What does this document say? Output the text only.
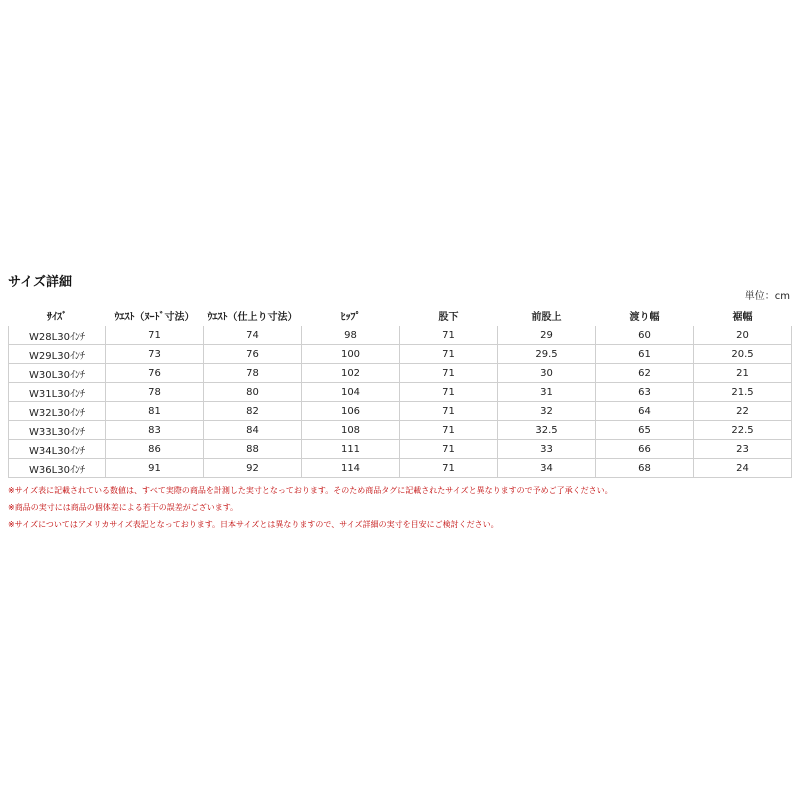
サイズ詳細
単位：cm
ｻｲｽﾞ	ｳｴｽﾄ（ﾇｰﾄﾞ寸法）	ｳｴｽﾄ（仕上り寸法）	ﾋｯﾌﾟ	股下	前股上	渡り幅	裾幅
W28L30ｲﾝﾁ	71	74	98	71	29	60	20
W29L30ｲﾝﾁ	73	76	100	71	29.5	61	20.5
W30L30ｲﾝﾁ	76	78	102	71	30	62	21
W31L30ｲﾝﾁ	78	80	104	71	31	63	21.5
W32L30ｲﾝﾁ	81	82	106	71	32	64	22
W33L30ｲﾝﾁ	83	84	108	71	32.5	65	22.5
W34L30ｲﾝﾁ	86	88	111	71	33	66	23
W36L30ｲﾝﾁ	91	92	114	71	34	68	24
※サイズ表に記載されている数値は、すべて実際の商品を計測した実寸となっております。そのため商品タグに記載されたサイズと異なりますので予めご了承ください。
※商品の実寸には商品の個体差による若干の誤差がございます。
※サイズについてはアメリカサイズ表記となっております。日本サイズとは異なりますので、サイズ詳細の実寸を目安にご検討ください。
